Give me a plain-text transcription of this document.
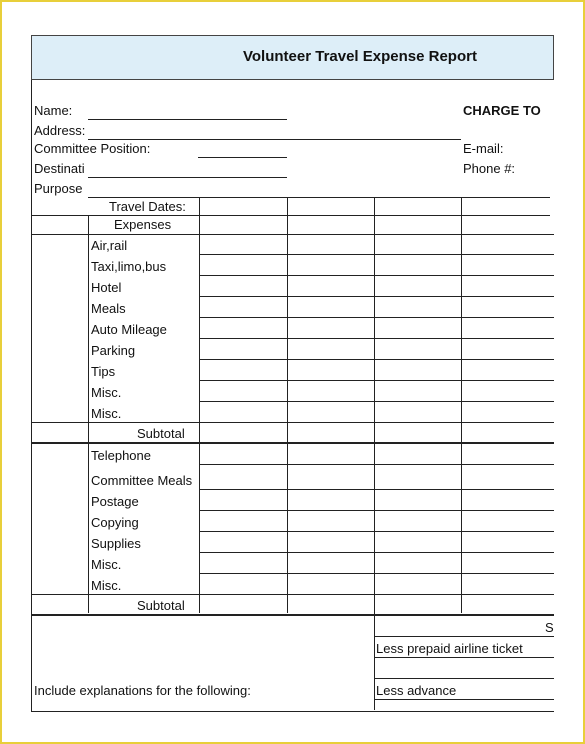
Volunteer Travel Expense Report
Name:
Address:
Committee Position:
Destinati
Purpose
CHARGE TO
E-mail:
Phone #:
Travel Dates:
Expenses
Air,rail
Taxi,limo,bus
Hotel
Meals
Auto Mileage
Parking
Tips
Misc.
Misc.
Subtotal
Telephone
Committee Meals
Postage
Copying
Supplies
Misc.
Misc.
Subtotal
S
Less prepaid airline ticket
Less advance
Include explanations for the following:
